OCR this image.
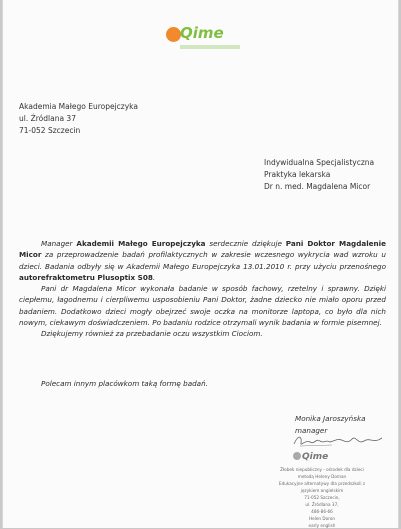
Qime
Akademia Małego Europejczyka
ul. Źródlana 37
71-052 Szczecin
Indywidualna Specjalistyczna
Praktyka lekarska
Dr n. med. Magdalena Micor

Manager Akademii Małego Europejczyka serdecznie dziękuje Pani Doktor Magdalenie Micor za przeprowadzenie badań profilaktycznych w zakresie wczesnego wykrycia wad wzroku u dzieci. Badania odbyły się w Akademii Małego Europejczyka 13.01.2010 r. przy użyciu przenośnego autorefraktometru Plusoptix S08.

Pani dr Magdalena Micor wykonała badanie w sposób fachowy, rzetelny i sprawny. Dzięki ciepłemu, łagodnemu i cierpliwemu usposobieniu Pani Doktor, żadne dziecko nie miało oporu przed badaniem. Dodatkowo dzieci mogły obejrzeć swoje oczka na monitorze laptopa, co było dla nich nowym, ciekawym doświadczeniem. Po badaniu rodzice otrzymali wynik badania w formie pisemnej.

Dziękujemy również za przebadanie oczu wszystkim Ciociom.

Polecam innym placówkom taką formę badań.
Monika Jaroszyńska
manager
Qime
Żłobek niepubliczny - ośrodek dla dzieci metodą Heleny Doman
Edukacyjne alternatywy dla przedszkoli z językiem angielskim
71-052 Szczecin,
ul. Źródlana 37,
486-86-66
Helen Doron
early english
